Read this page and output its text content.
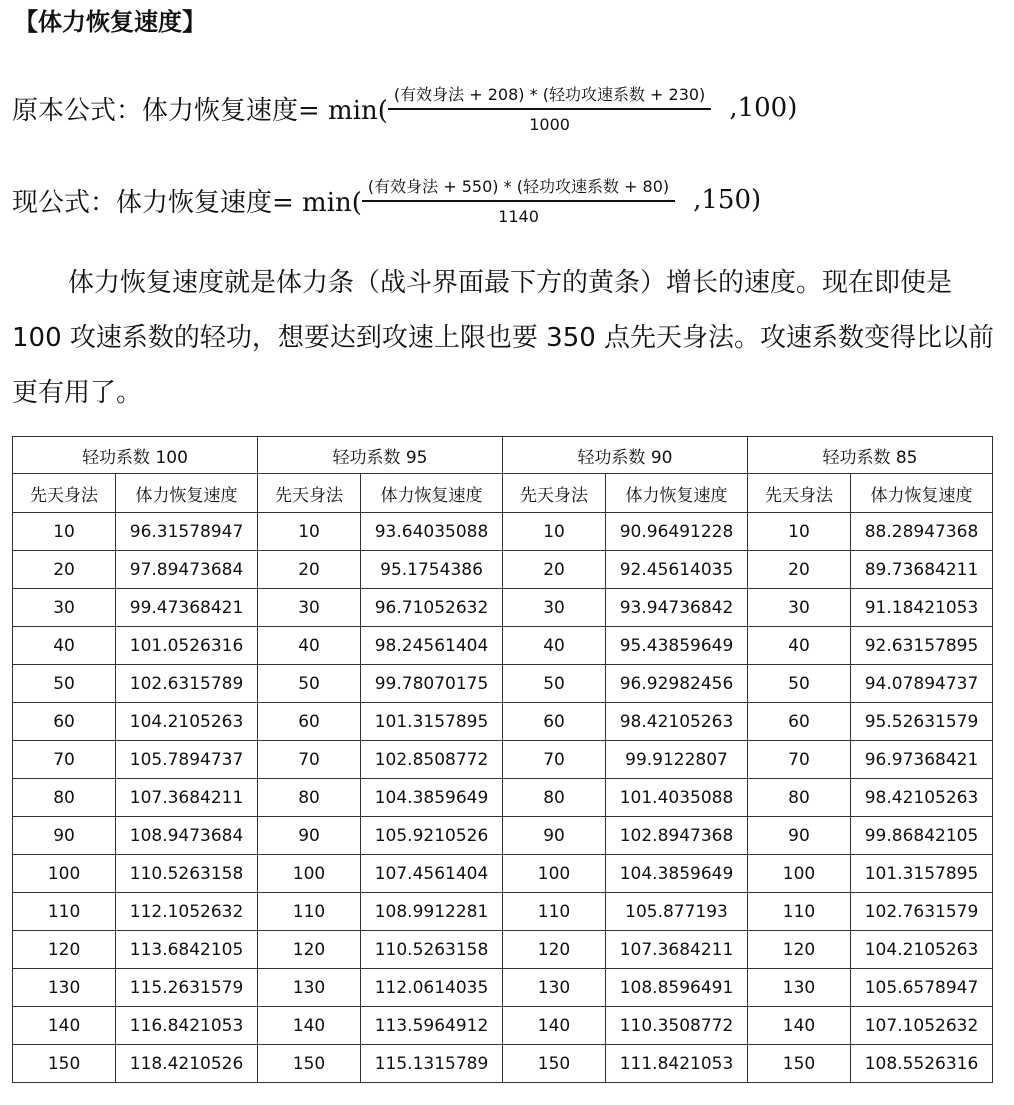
【体力恢复速度】
原本公式：体力恢复速度= $\min( \frac{\text{(有效身法 + 208) * (轻功攻速系数 + 230)}}{1000} ,100)$
现公式：体力恢复速度= $\min( \frac{\text{(有效身法 + 550) * (轻功攻速系数 + 80)}}{1140} ,150)$

体力恢复速度就是体力条（战斗界面最下方的黄条）增长的速度。现在即使是 100 攻速系数的轻功，想要达到攻速上限也要 350 点先天身法。攻速系数变得比以前更有用了。

轻功系数 100		轻功系数 95		轻功系数 90		轻功系数 85	
先天身法	体力恢复速度	先天身法	体力恢复速度	先天身法	体力恢复速度	先天身法	体力恢复速度
10	96.31578947	10	93.64035088	10	90.96491228	10	88.28947368
20	97.89473684	20	95.1754386	20	92.45614035	20	89.73684211
30	99.47368421	30	96.71052632	30	93.94736842	30	91.18421053
40	101.0526316	40	98.24561404	40	95.43859649	40	92.63157895
50	102.6315789	50	99.78070175	50	96.92982456	50	94.07894737
60	104.2105263	60	101.3157895	60	98.42105263	60	95.52631579
70	105.7894737	70	102.8508772	70	99.9122807	70	96.97368421
80	107.3684211	80	104.3859649	80	101.4035088	80	98.42105263
90	108.9473684	90	105.9210526	90	102.8947368	90	99.86842105
100	110.5263158	100	107.4561404	100	104.3859649	100	101.3157895
110	112.1052632	110	108.9912281	110	105.877193	110	102.7631579
120	113.6842105	120	110.5263158	120	107.3684211	120	104.2105263
130	115.2631579	130	112.0614035	130	108.8596491	130	105.6578947
140	116.8421053	140	113.5964912	140	110.3508772	140	107.1052632
150	118.4210526	150	115.1315789	150	111.8421053	150	108.5526316
